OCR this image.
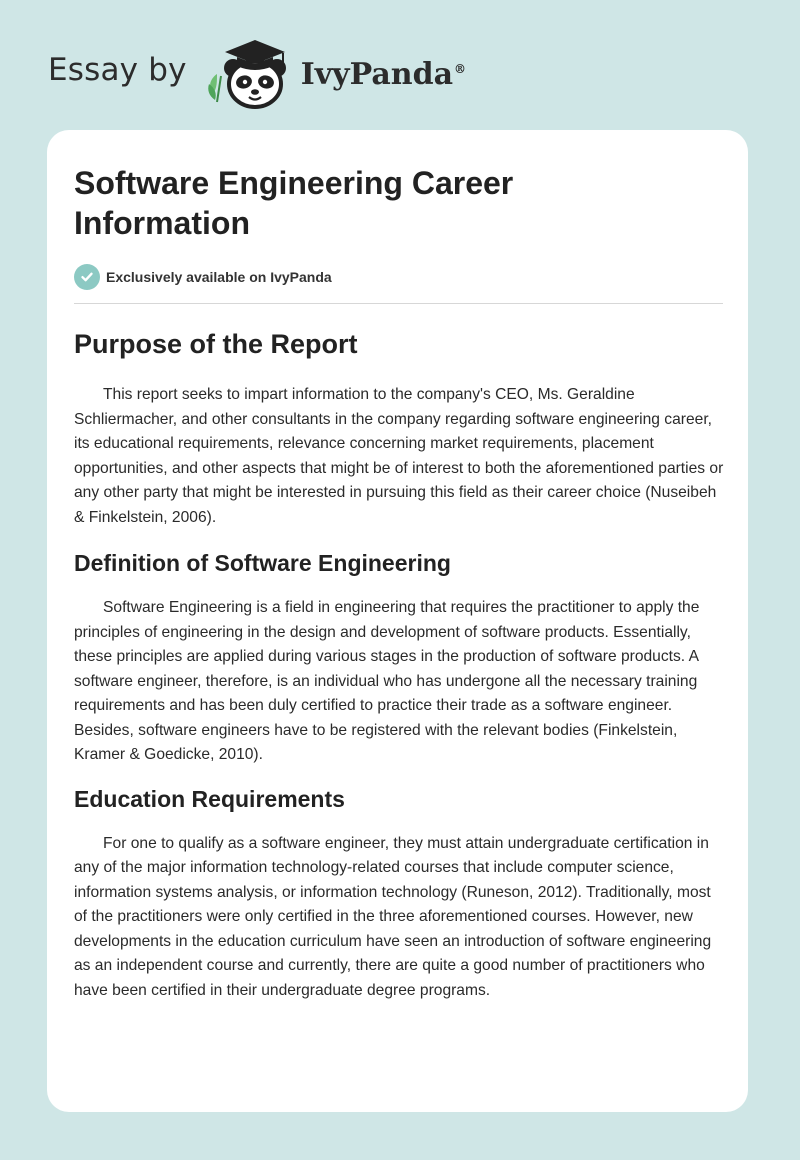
Essay by	IvyPanda®
Software Engineering Career Information
Exclusively available on IvyPanda
Purpose of the Report

This report seeks to impart information to the company's CEO, Ms. Geraldine Schliermacher, and other consultants in the company regarding software engineering career, its educational requirements, relevance concerning market requirements, placement opportunities, and other aspects that might be of interest to both the aforementioned parties or any other party that might be interested in pursuing this field as their career choice (Nuseibeh & Finkelstein, 2006).

Definition of Software Engineering

Software Engineering is a field in engineering that requires the practitioner to apply the principles of engineering in the design and development of software products. Essentially, these principles are applied during various stages in the production of software products. A software engineer, therefore, is an individual who has undergone all the necessary training requirements and has been duly certified to practice their trade as a software engineer. Besides, software engineers have to be registered with the relevant bodies (Finkelstein, Kramer & Goedicke, 2010).

Education Requirements

For one to qualify as a software engineer, they must attain undergraduate certification in any of the major information technology-related courses that include computer science, information systems analysis, or information technology (Runeson, 2012). Traditionally, most of the practitioners were only certified in the three aforementioned courses. However, new developments in the education curriculum have seen an introduction of software engineering as an independent course and currently, there are quite a good number of practitioners who have been certified in their undergraduate degree programs.
